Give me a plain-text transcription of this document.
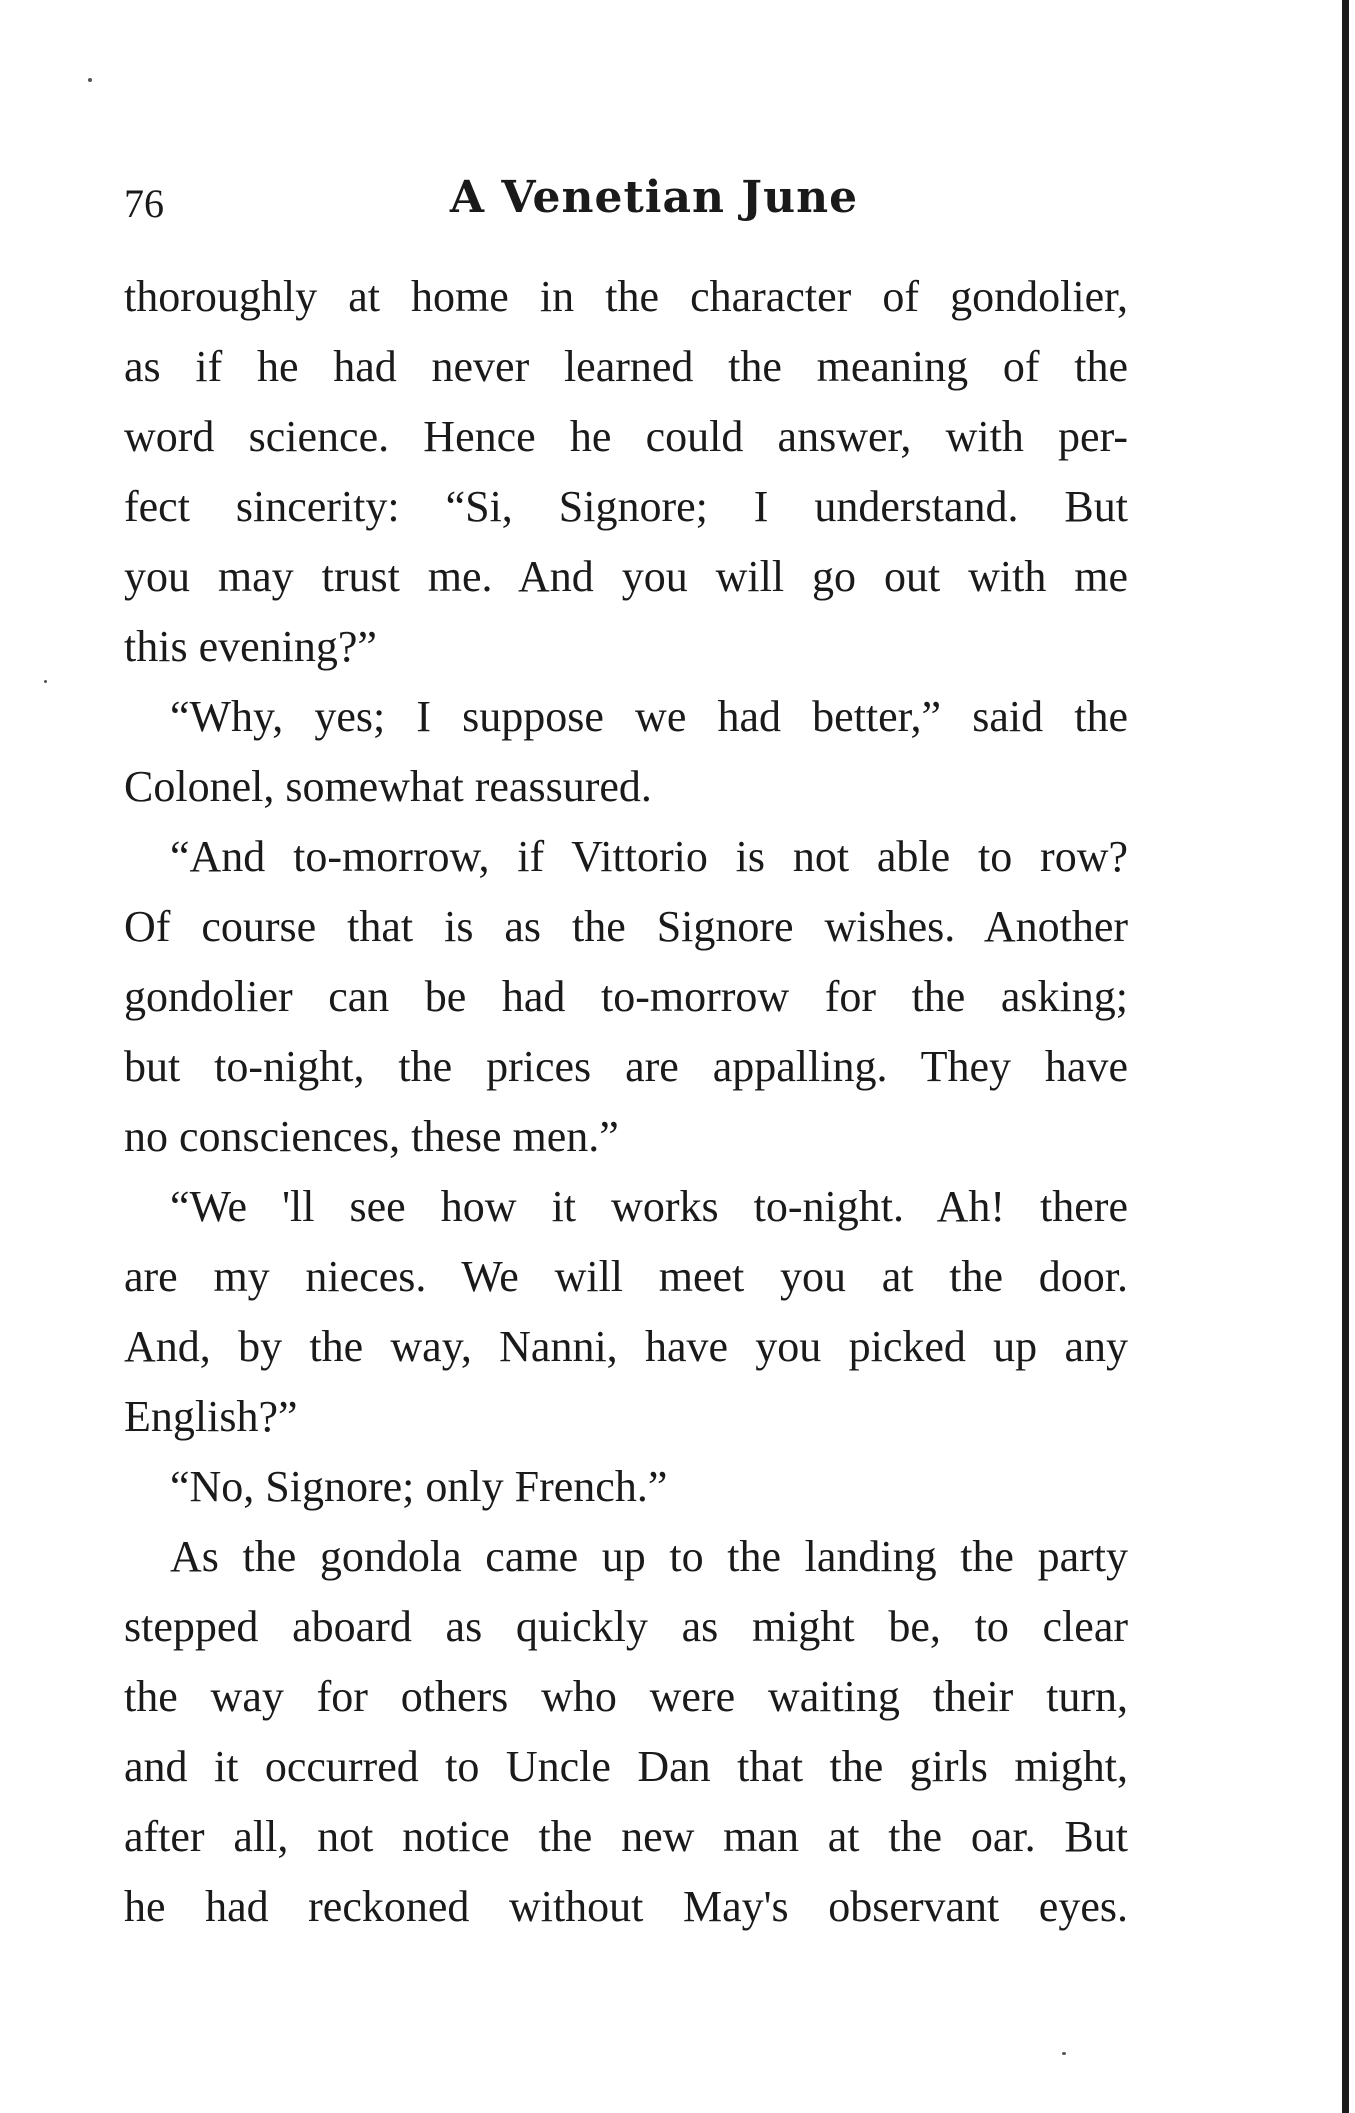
76	A Venetian June
thoroughly at home in the character of gondolier,
as if he had never learned the meaning of the
word science. Hence he could answer, with per-
fect sincerity: “Si, Signore; I understand. But
you may trust me. And you will go out with me
this evening?”
“Why, yes; I suppose we had better,” said the
Colonel, somewhat reassured.
“And to-morrow, if Vittorio is not able to row?
Of course that is as the Signore wishes. Another
gondolier can be had to-morrow for the asking;
but to-night, the prices are appalling. They have
no consciences, these men.”
“We 'll see how it works to-night. Ah! there
are my nieces. We will meet you at the door.
And, by the way, Nanni, have you picked up any
English?”
“No, Signore; only French.”
As the gondola came up to the landing the party
stepped aboard as quickly as might be, to clear
the way for others who were waiting their turn,
and it occurred to Uncle Dan that the girls might,
after all, not notice the new man at the oar. But
he had reckoned without May's observant eyes.
